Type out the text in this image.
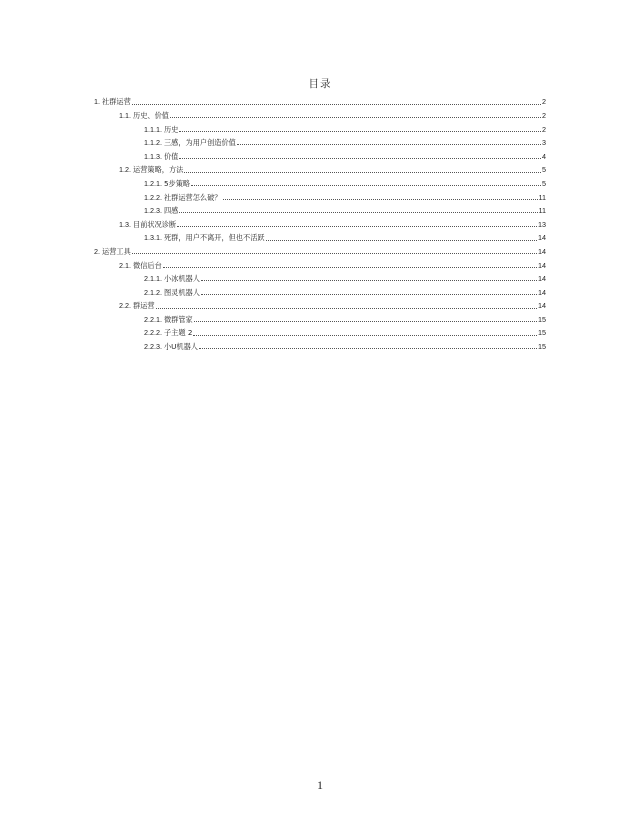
目录
1. 社群运营	2
1.1. 历史、价值	2
1.1.1. 历史	2
1.1.2. 三感，为用户创造价值	3
1.1.3. 价值	4
1.2. 运营策略，方法	5
1.2.1. 5步策略	5
1.2.2. 社群运营怎么破？	11
1.2.3. 四感	11
1.3. 目前状况诊断	13
1.3.1. 死群，用户不离开，但也不活跃	14
2. 运营工具	14
2.1. 微信后台	14
2.1.1. 小冰机器人	14
2.1.2. 图灵机器人	14
2.2. 群运营	14
2.2.1. 微群管家	15
2.2.2. 子主题 2	15
2.2.3. 小U机器人	15
1
